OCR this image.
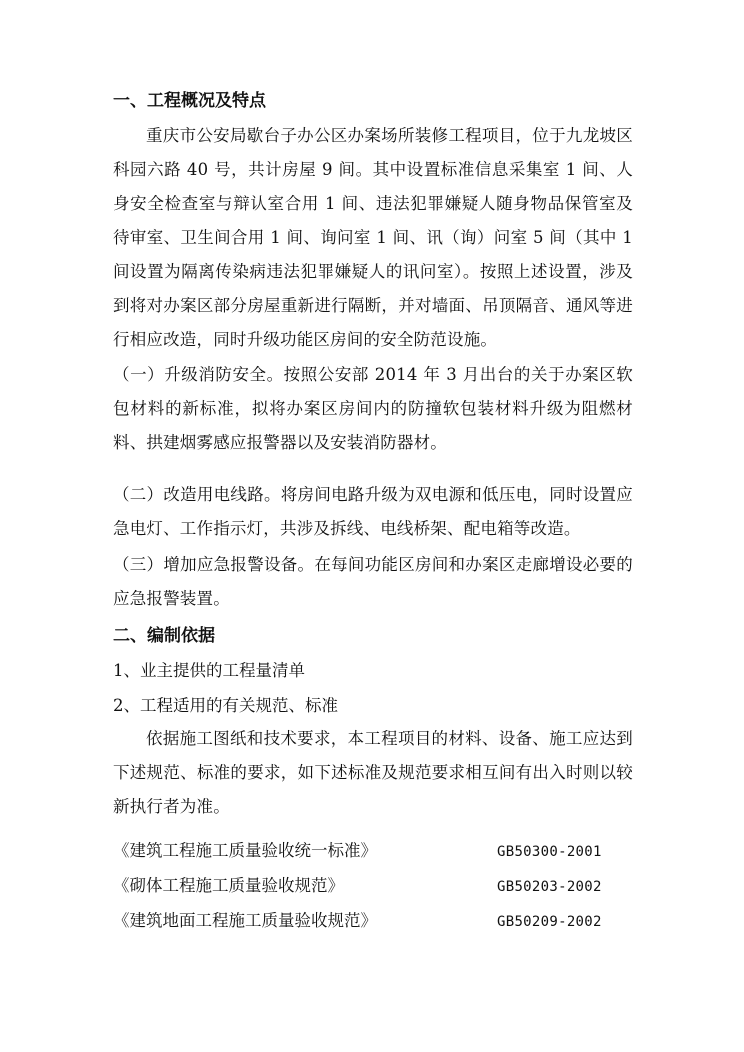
一、工程概况及特点
重庆市公安局歇台子办公区办案场所装修工程项目，位于九龙坡区科园六路 40 号，共计房屋 9 间。其中设置标准信息采集室 1 间、人身安全检查室与辩认室合用 1 间、违法犯罪嫌疑人随身物品保管室及待审室、卫生间合用 1 间、询问室 1 间、讯（询）问室 5 间（其中 1 间设置为隔离传染病违法犯罪嫌疑人的讯问室）。按照上述设置，涉及到将对办案区部分房屋重新进行隔断，并对墙面、吊顶隔音、通风等进行相应改造，同时升级功能区房间的安全防范设施。
（一）升级消防安全。按照公安部 2014 年 3 月出台的关于办案区软包材料的新标准，拟将办案区房间内的防撞软包装材料升级为阻燃材料、拱建烟雾感应报警器以及安装消防器材。
（二）改造用电线路。将房间电路升级为双电源和低压电，同时设置应急电灯、工作指示灯，共涉及拆线、电线桥架、配电箱等改造。
（三）增加应急报警设备。在每间功能区房间和办案区走廊增设必要的应急报警装置。
二、编制依据
1、业主提供的工程量清单
2、工程适用的有关规范、标准
依据施工图纸和技术要求，本工程项目的材料、设备、施工应达到下述规范、标准的要求，如下述标准及规范要求相互间有出入时则以较新执行者为准。
《建筑工程施工质量验收统一标准》	GB50300-2001
《砌体工程施工质量验收规范》	GB50203-2002
《建筑地面工程施工质量验收规范》	GB50209-2002
